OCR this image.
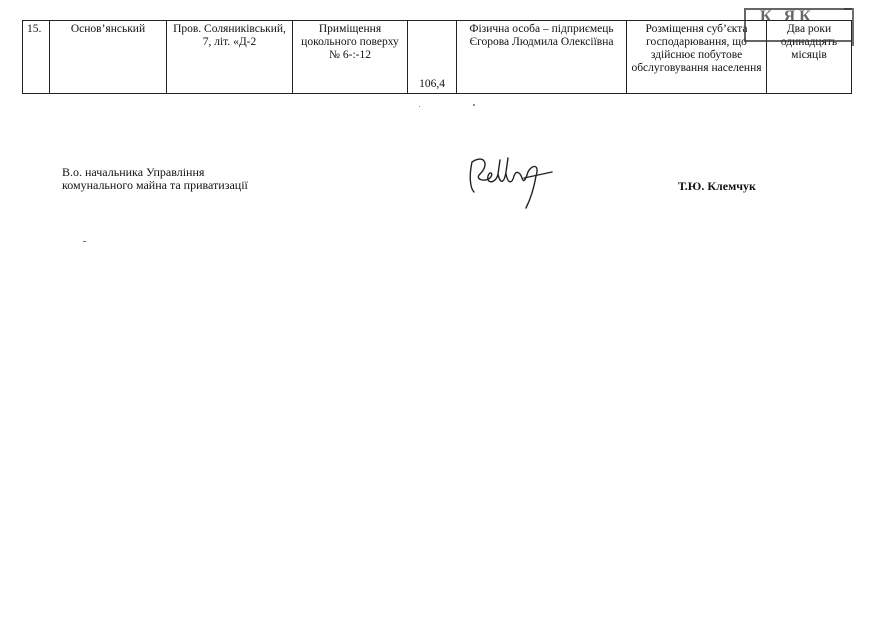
15.	Основ’янський	Пров. Соляниківський, 7, літ. «Д-2	Приміщення цокольного поверху № 6-:-12	106,4	Фізична особа – підприємець Єгорова Людмила Олексіївна	Розміщення суб’єкта господарювання, що здійснює побутове обслуговування населення	Два роки одинадцять місяців
К ЯК
В.о. начальника Управління
комунального майна та приватизації	Т.Ю. Клемчук
